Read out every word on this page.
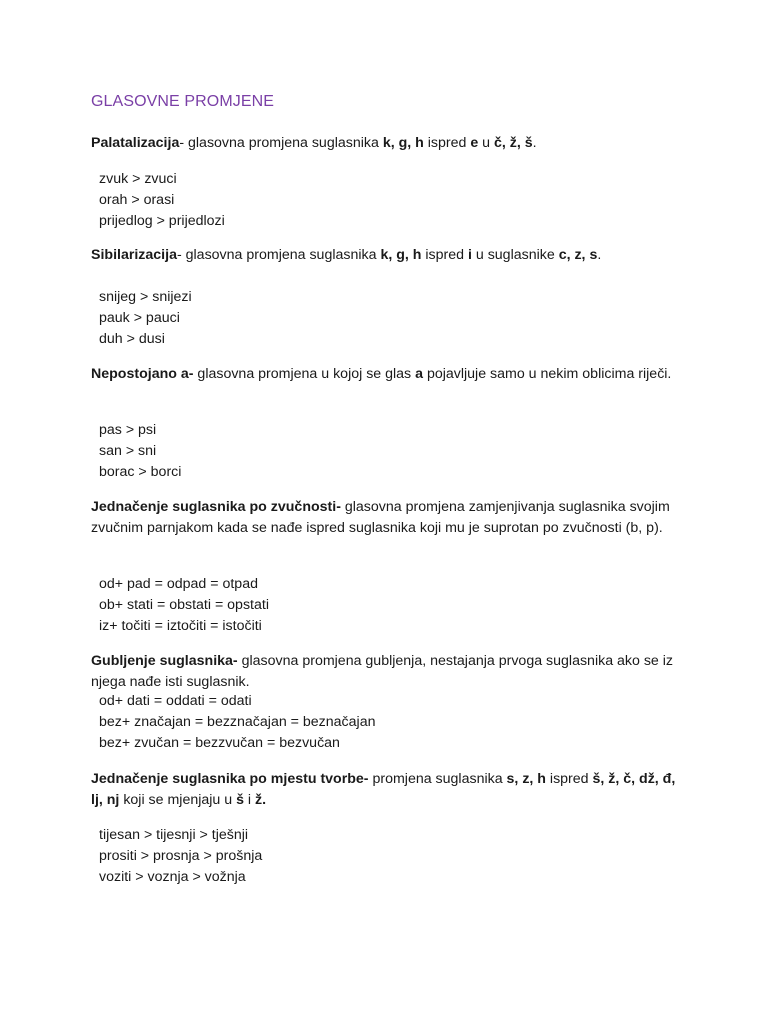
GLASOVNE PROMJENE
Palatalizacija- glasovna promjena suglasnika k, g, h ispred e u č, ž, š.
zvuk > zvuci
orah > orasi
prijedlog > prijedlozi
Sibilarizacija- glasovna promjena suglasnika k, g, h ispred i u suglasnike c, z, s.
snijeg > snijezi
pauk > pauci
duh > dusi
Nepostojano a- glasovna promjena u kojoj se glas a pojavljuje samo u nekim oblicima riječi.
pas > psi
san > sni
borac > borci
Jednačenje suglasnika po zvučnosti- glasovna promjena zamjenjivanja suglasnika svojim zvučnim parnjakom kada se nađe ispred suglasnika koji mu je suprotan po zvučnosti (b, p).
od+ pad = odpad = otpad
ob+ stati = obstati = opstati
iz+ točiti = iztočiti = istočiti
Gubljenje suglasnika- glasovna promjena gubljenja, nestajanja prvoga suglasnika ako se iz njega nađe isti suglasnik.
od+ dati = oddati = odati
bez+ značajan = bezznačajan = beznačajan
bez+ zvučan = bezzvučan = bezvučan
Jednačenje suglasnika po mjestu tvorbe- promjena suglasnika s, z, h ispred š, ž, č, dž, đ, lj, nj koji se mjenjaju u š i ž.
tijesan > tijesnji > tješnji
prositi > prosnja > prošnja
voziti > voznja > vožnja
